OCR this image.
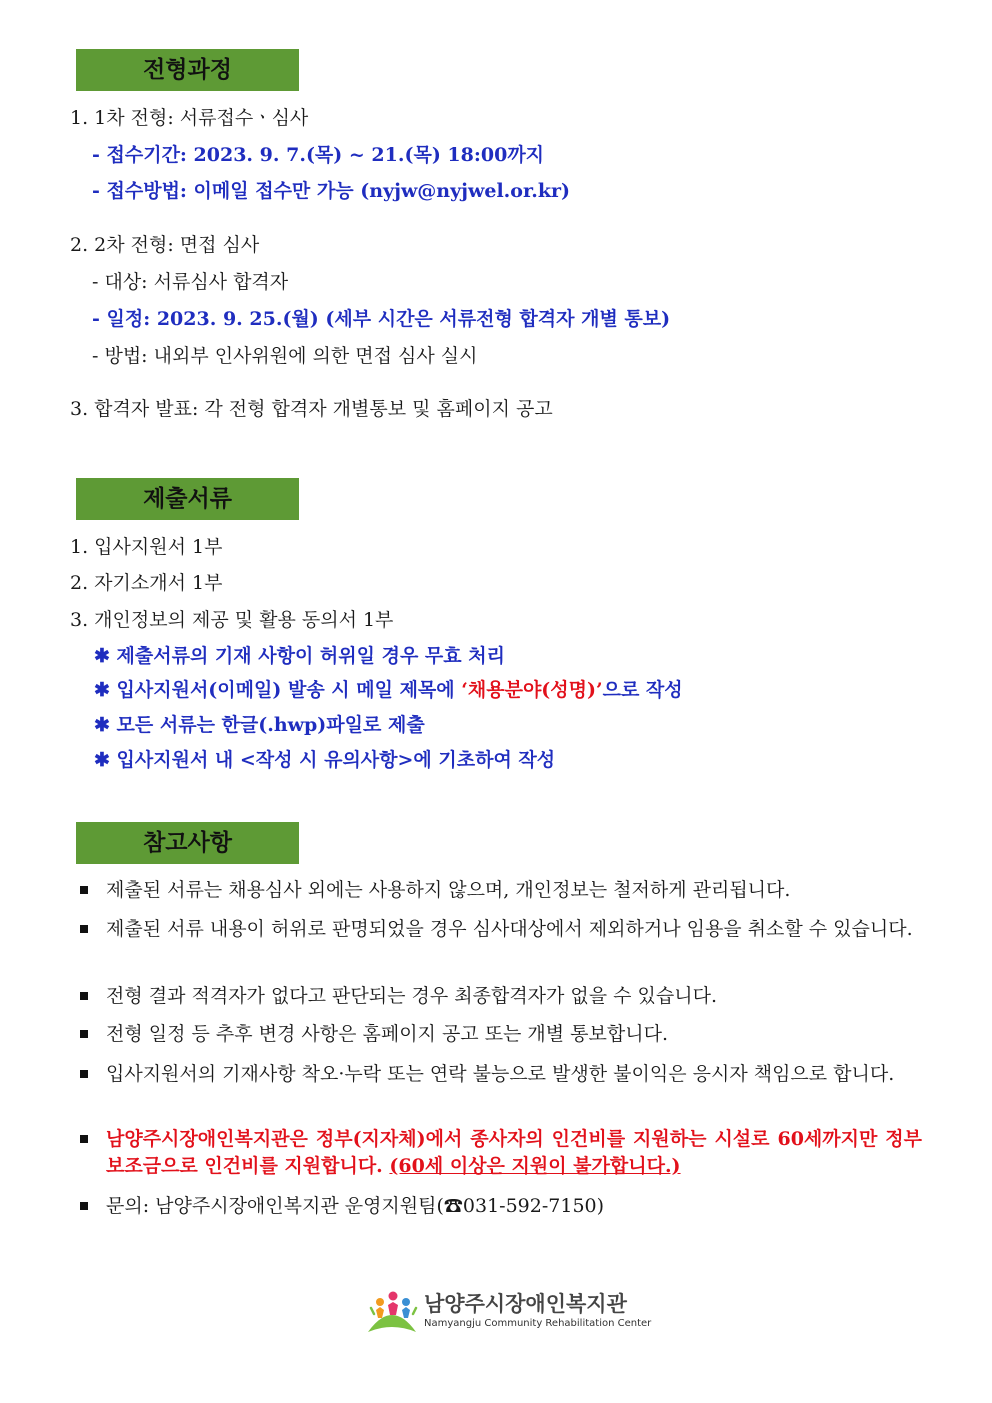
전형과정
1. 1차 전형: 서류접수ㆍ심사
- 접수기간: 2023. 9. 7.(목) ~ 21.(목) 18:00까지
- 접수방법: 이메일 접수만 가능 (nyjw@nyjwel.or.kr)
2. 2차 전형: 면접 심사
- 대상: 서류심사 합격자
- 일정: 2023. 9. 25.(월) (세부 시간은 서류전형 합격자 개별 통보)
- 방법: 내외부 인사위원에 의한 면접 심사 실시
3. 합격자 발표: 각 전형 합격자 개별통보 및 홈페이지 공고
제출서류
1. 입사지원서 1부
2. 자기소개서 1부
3. 개인정보의 제공 및 활용 동의서 1부
✱ 제출서류의 기재 사항이 허위일 경우 무효 처리
✱ 입사지원서(이메일) 발송 시 메일 제목에 ‘채용분야(성명)’으로 작성
✱ 모든 서류는 한글(.hwp)파일로 제출
✱ 입사지원서 내 <작성 시 유의사항>에 기초하여 작성
참고사항
제출된 서류는 채용심사 외에는 사용하지 않으며, 개인정보는 철저하게 관리됩니다.
제출된 서류 내용이 허위로 판명되었을 경우 심사대상에서 제외하거나 임용을 취소할 수 있습니다.
전형 결과 적격자가 없다고 판단되는 경우 최종합격자가 없을 수 있습니다.
전형 일정 등 추후 변경 사항은 홈페이지 공고 또는 개별 통보합니다.
입사지원서의 기재사항 착오·누락 또는 연락 불능으로 발생한 불이익은 응시자 책임으로 합니다.
남양주시장애인복지관은 정부(지자체)에서 종사자의 인건비를 지원하는 시설로 60세까지만 정부 보조금으로 인건비를 지원합니다. (60세 이상은 지원이 불가합니다.)
문의: 남양주시장애인복지관 운영지원팀(☎031-592-7150)
남양주시장애인복지관
Namyangju Community Rehabilitation Center
